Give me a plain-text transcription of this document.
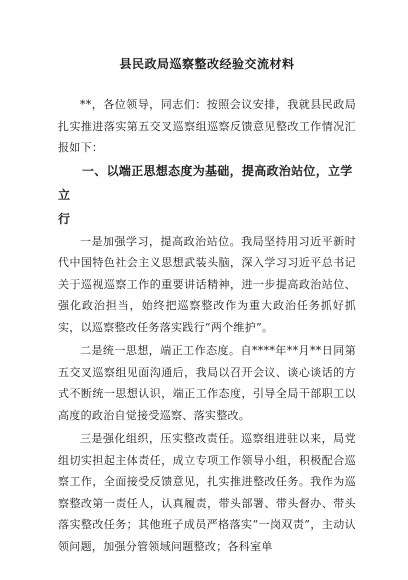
县民政局巡察整改经验交流材料

**，各位领导，同志们：按照会议安排，我就县民政局扎实推进落实第五交叉巡察组巡察反馈意见整改工作情况汇报如下：

一、以端正思想态度为基础，提高政治站位，立学立
行

一是加强学习，提高政治站位。我局坚持用习近平新时代中国特色社会主义思想武装头脑，深入学习习近平总书记关于巡视巡察工作的重要讲话精神，进一步提高政治站位、强化政治担当，始终把巡察整改作为重大政治任务抓好抓实，以巡察整改任务落实践行“两个维护”。

二是统一思想，端正工作态度。自****年**月**日同第五交叉巡察组见面沟通后，我局以召开会议、谈心谈话的方式不断统一思想认识，端正工作态度，引导全局干部职工以高度的政治自觉接受巡察、落实整改。

三是强化组织，压实整改责任。巡察组进驻以来，局党组切实担起主体责任，成立专项工作领导小组，积极配合巡察工作，全面接受反馈意见，扎实推进整改任务。我作为巡察整改第一责任人，认真履责，带头部署、带头督办、带头落实整改任务；其他班子成员严格落实“一岗双责”，主动认领问题，加强分管领域问题整改；各科室单
